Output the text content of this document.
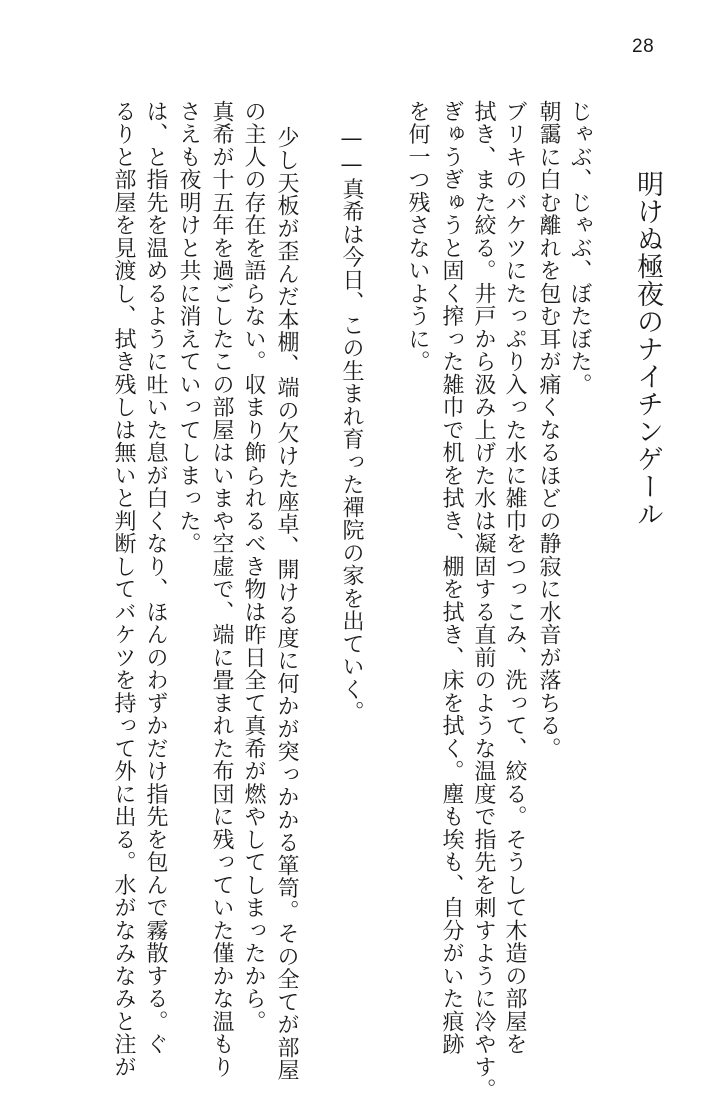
28
明けぬ極夜のナイチンゲール
じゃぶ、じゃぶ、ぼたぼた。
朝靄に白む離れを包む耳が痛くなるほどの静寂に水音が落ちる。
ブリキのバケツにたっぷり入った水に雑巾をつっこみ、洗って、絞る。そうして木造の部屋を
拭き、また絞る。井戸から汲み上げた水は凝固する直前のような温度で指先を刺すように冷やす。
ぎゅうぎゅうと固く搾った雑巾で机を拭き、棚を拭き、床を拭く。塵も埃も、自分がいた痕跡
を何一つ残さないように。
——真希は今日、この生まれ育った禪院の家を出ていく。
少し天板が歪んだ本棚、端の欠けた座卓、開ける度に何かが突っかかる箪笥。その全てが部屋
の主人の存在を語らない。収まり飾られるべき物は昨日全て真希が燃やしてしまったから。
真希が十五年を過ごしたこの部屋はいまや空虚で、端に畳まれた布団に残っていた僅かな温もり
さえも夜明けと共に消えていってしまった。
は、と指先を温めるように吐いた息が白くなり、ほんのわずかだけ指先を包んで霧散する。ぐ
るりと部屋を見渡し、拭き残しは無いと判断してバケツを持って外に出る。水がなみなみと注が
